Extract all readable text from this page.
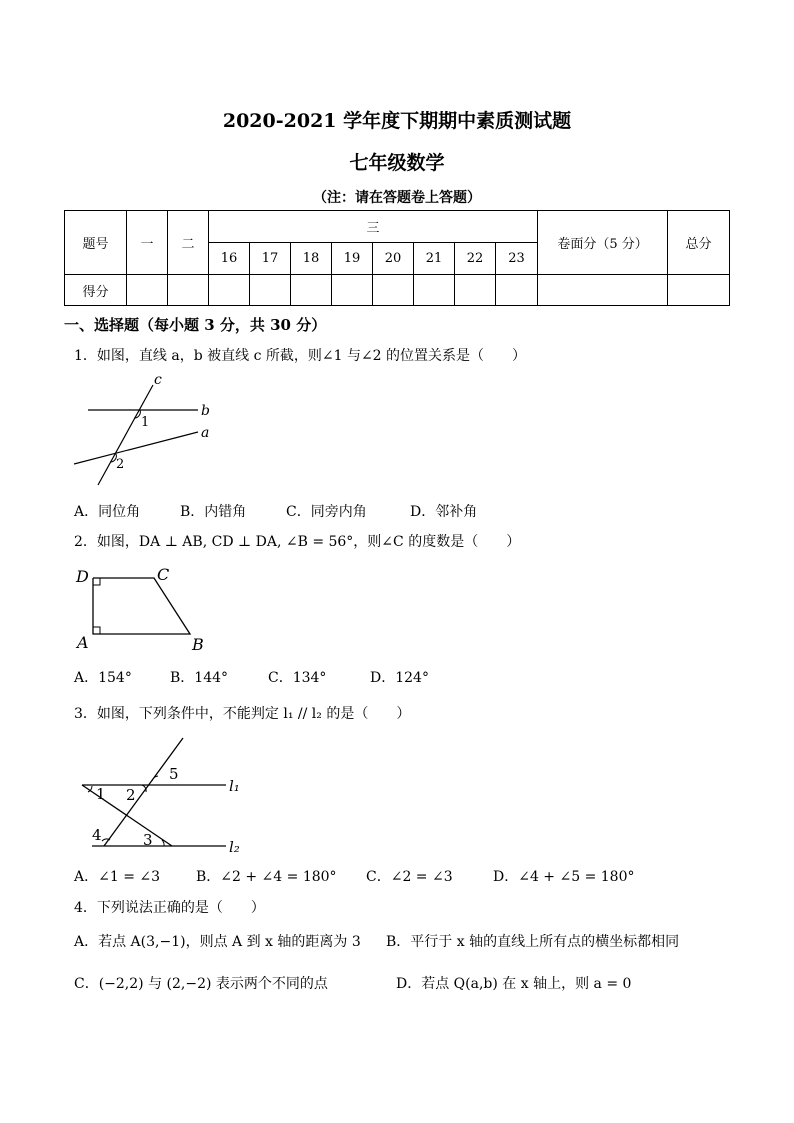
2020-2021 学年度下期期中素质测试题
七年级数学
（注：请在答题卷上答题）
题号	一	二	三								卷面分（5 分）	总分
			16	17	18	19	20	21	22	23		
得分												
一、选择题（每小题 3 分，共 30 分）
1．如图，直线 a，b 被直线 c 所截，则∠1 与∠2 的位置关系是（　　）
c
b
a
1
2
A．同位角	B．内错角	C．同旁内角	D．邻补角
2．如图，DA ⊥ AB, CD ⊥ DA, ∠B = 56°，则∠C 的度数是（　　）
D	C
A	B
A．154°	B．144°	C．134°	D．124°
3．如图，下列条件中，不能判定 l₁ // l₂ 的是（　　）
5
2
1
4	3
l₁
l₂
A．∠1 = ∠3	B．∠2 + ∠4 = 180° C．∠2 = ∠3	D．∠4 + ∠5 = 180°
4．下列说法正确的是（　　）
A．若点 A(3,−1)，则点 A 到 x 轴的距离为 3 B．平行于 x 轴的直线上所有点的横坐标都相同
C．(−2,2) 与 (2,−2) 表示两个不同的点	D．若点 Q(a,b) 在 x 轴上，则 a = 0
